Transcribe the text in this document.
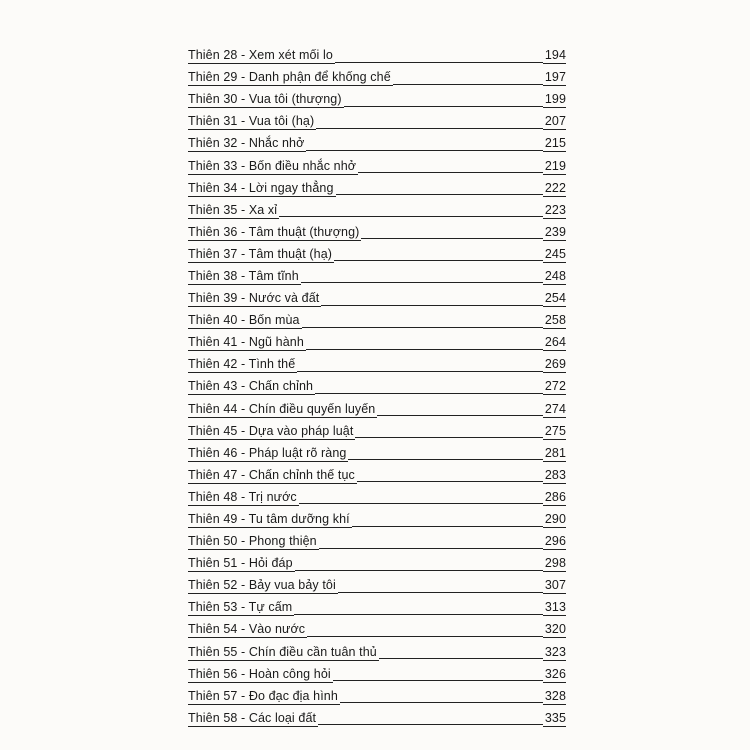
Thiên 28 - Xem xét mối lo	194
Thiên 29 - Danh phận để khống chế	197
Thiên 30 - Vua tôi (thượng)	199
Thiên 31 - Vua tôi (hạ)	207
Thiên 32 - Nhắc nhở	215
Thiên 33 - Bốn điều nhắc nhở	219
Thiên 34 - Lời ngay thẳng	222
Thiên 35 - Xa xỉ	223
Thiên 36 - Tâm thuật (thượng)	239
Thiên 37 - Tâm thuật (hạ)	245
Thiên 38 - Tâm tĩnh	248
Thiên 39 - Nước và đất	254
Thiên 40 - Bốn mùa	258
Thiên 41 - Ngũ hành	264
Thiên 42 - Tình thế	269
Thiên 43 - Chấn chỉnh	272
Thiên 44 - Chín điều quyến luyến	274
Thiên 45 - Dựa vào pháp luật	275
Thiên 46 - Pháp luật rõ ràng	281
Thiên 47 - Chấn chỉnh thế tục	283
Thiên 48 - Trị nước	286
Thiên 49 - Tu tâm dưỡng khí	290
Thiên 50 - Phong thiện	296
Thiên 51 - Hỏi đáp	298
Thiên 52 - Bảy vua bảy tôi	307
Thiên 53 - Tự cấm	313
Thiên 54 - Vào nước	320
Thiên 55 - Chín điều cần tuân thủ	323
Thiên 56 - Hoàn công hỏi	326
Thiên 57 - Đo đạc địa hình	328
Thiên 58 - Các loại đất	335
